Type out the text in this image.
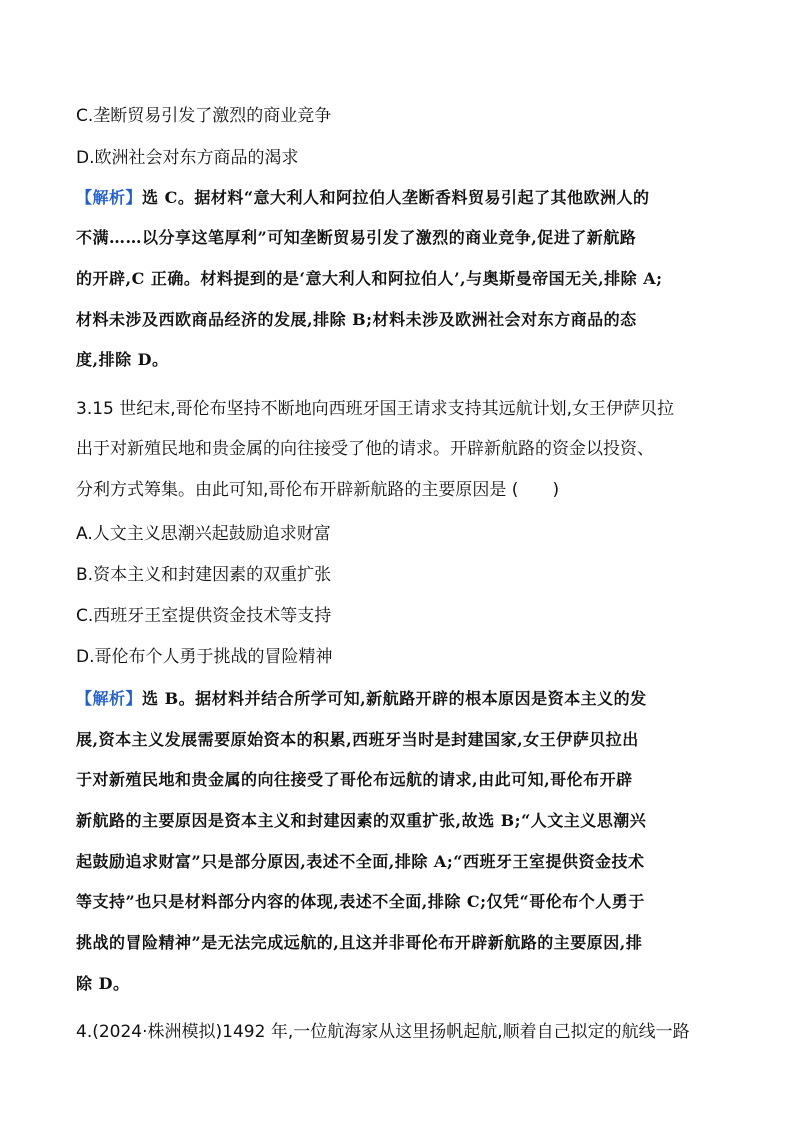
C.垄断贸易引发了激烈的商业竞争
D.欧洲社会对东方商品的渴求
【解析】选 C。据材料“意大利人和阿拉伯人垄断香料贸易引起了其他欧洲人的
不满……以分享这笔厚利”可知垄断贸易引发了激烈的商业竞争,促进了新航路
的开辟,C 正确。材料提到的是‘意大利人和阿拉伯人’,与奥斯曼帝国无关,排除 A;
材料未涉及西欧商品经济的发展,排除 B;材料未涉及欧洲社会对东方商品的态
度,排除 D。
3.15 世纪末,哥伦布坚持不断地向西班牙国王请求支持其远航计划,女王伊萨贝拉
出于对新殖民地和贵金属的向往接受了他的请求。开辟新航路的资金以投资、
分利方式筹集。由此可知,哥伦布开辟新航路的主要原因是 (　　)
A.人文主义思潮兴起鼓励追求财富
B.资本主义和封建因素的双重扩张
C.西班牙王室提供资金技术等支持
D.哥伦布个人勇于挑战的冒险精神
【解析】选 B。据材料并结合所学可知,新航路开辟的根本原因是资本主义的发
展,资本主义发展需要原始资本的积累,西班牙当时是封建国家,女王伊萨贝拉出
于对新殖民地和贵金属的向往接受了哥伦布远航的请求,由此可知,哥伦布开辟
新航路的主要原因是资本主义和封建因素的双重扩张,故选 B;“人文主义思潮兴
起鼓励追求财富”只是部分原因,表述不全面,排除 A;“西班牙王室提供资金技术
等支持”也只是材料部分内容的体现,表述不全面,排除 C;仅凭“哥伦布个人勇于
挑战的冒险精神”是无法完成远航的,且这并非哥伦布开辟新航路的主要原因,排
除 D。
4.(2024·株洲模拟)1492 年,一位航海家从这里扬帆起航,顺着自己拟定的航线一路
